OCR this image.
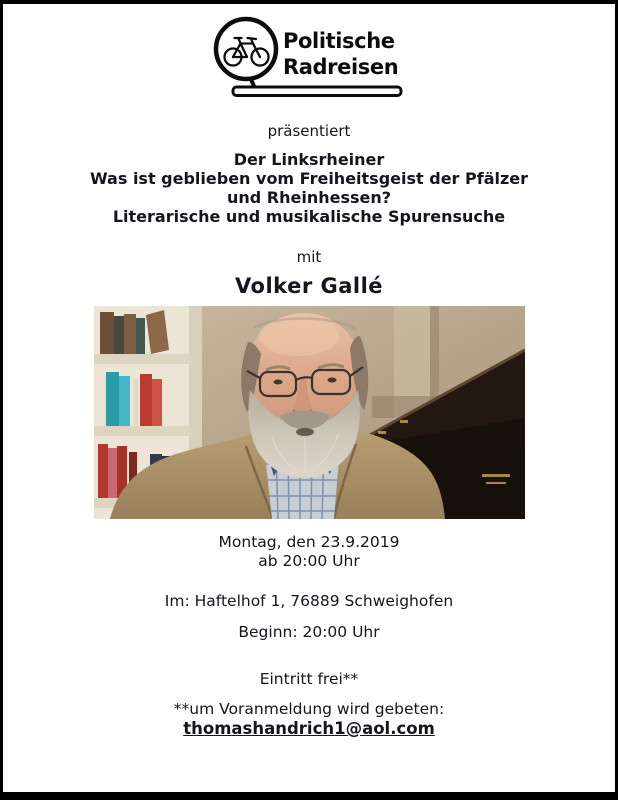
Politische
Radreisen
präsentiert
Der Linksrheiner
Was ist geblieben vom Freiheitsgeist der Pfälzer
und Rheinhessen?
Literarische und musikalische Spurensuche
mit
Volker Gallé
Montag, den 23.9.2019
ab 20:00 Uhr
Im: Haftelhof 1, 76889 Schweighofen
Beginn: 20:00 Uhr
Eintritt frei**
**um Voranmeldung wird gebeten:
thomashandrich1@aol.com
